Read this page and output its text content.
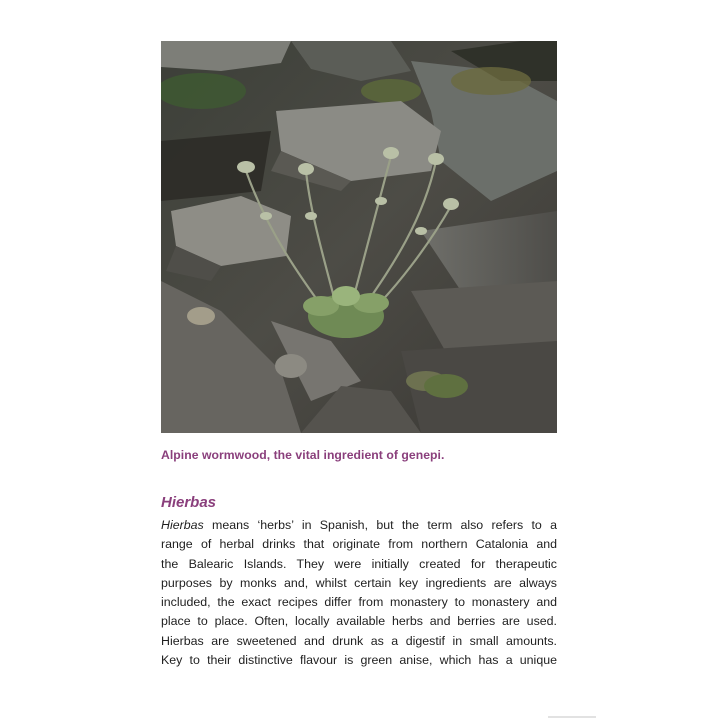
Alpine wormwood, the vital ingredient of genepi.
Hierbas
Hierbas means ‘herbs’ in Spanish, but the term also refers to a
range of herbal drinks that originate from northern Catalonia and
the Balearic Islands. They were initially created for therapeutic
purposes by monks and, whilst certain key ingredients are always
included, the exact recipes differ from monastery to monastery and
place to place. Often, locally available herbs and berries are used.
Hierbas are sweetened and drunk as a digestif in small amounts.
Key to their distinctive flavour is green anise, which has a unique
